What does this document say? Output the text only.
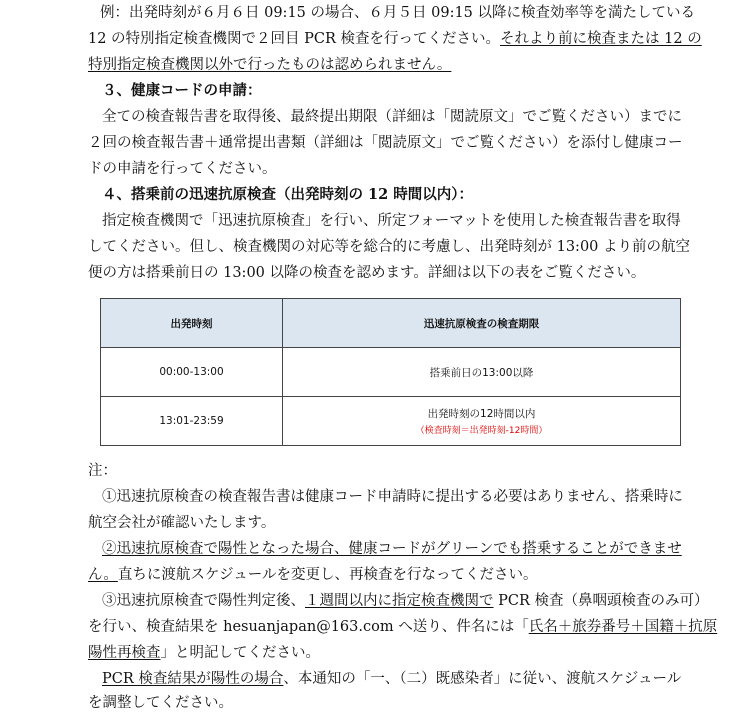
例：出発時刻が６月６日 09:15 の場合、６月５日 09:15 以降に検査効率等を満たしている
12 の特別指定検査機関で２回目 PCR 検査を行ってください。それより前に検査または 12 の
特別指定検査機関以外で行ったものは認められません。
３、健康コードの申請：
全ての検査報告書を取得後、最終提出期限（詳細は「閲読原文」でご覧ください）までに
２回の検査報告書＋通常提出書類（詳細は「閲読原文」でご覧ください）を添付し健康コー
ドの申請を行ってください。
４、搭乗前の迅速抗原検査（出発時刻の 12 時間以内）：
指定検査機関で「迅速抗原検査」を行い、所定フォーマットを使用した検査報告書を取得
してください。但し、検査機関の対応等を総合的に考慮し、出発時刻が 13:00 より前の航空
便の方は搭乗前日の 13:00 以降の検査を認めます。詳細は以下の表をご覧ください。
出発時刻	迅速抗原検査の検査期限
00:00-13:00	搭乗前日の13:00以降
13:01-23:59	出発時刻の12時間以内
（検査時刻＝出発時刻-12時間）
注：
①迅速抗原検査の検査報告書は健康コード申請時に提出する必要はありません、搭乗時に
航空会社が確認いたします。
②迅速抗原検査で陽性となった場合、健康コードがグリーンでも搭乗することができませ
ん。直ちに渡航スケジュールを変更し、再検査を行なってください。
③迅速抗原検査で陽性判定後、１週間以内に指定検査機関で PCR 検査（鼻咽頭検査のみ可）
を行い、検査結果を hesuanjapan@163.com へ送り、件名には「氏名＋旅券番号＋国籍＋抗原
陽性再検査」と明記してください。
PCR 検査結果が陽性の場合、本通知の「一、（二）既感染者」に従い、渡航スケジュール
を調整してください。
